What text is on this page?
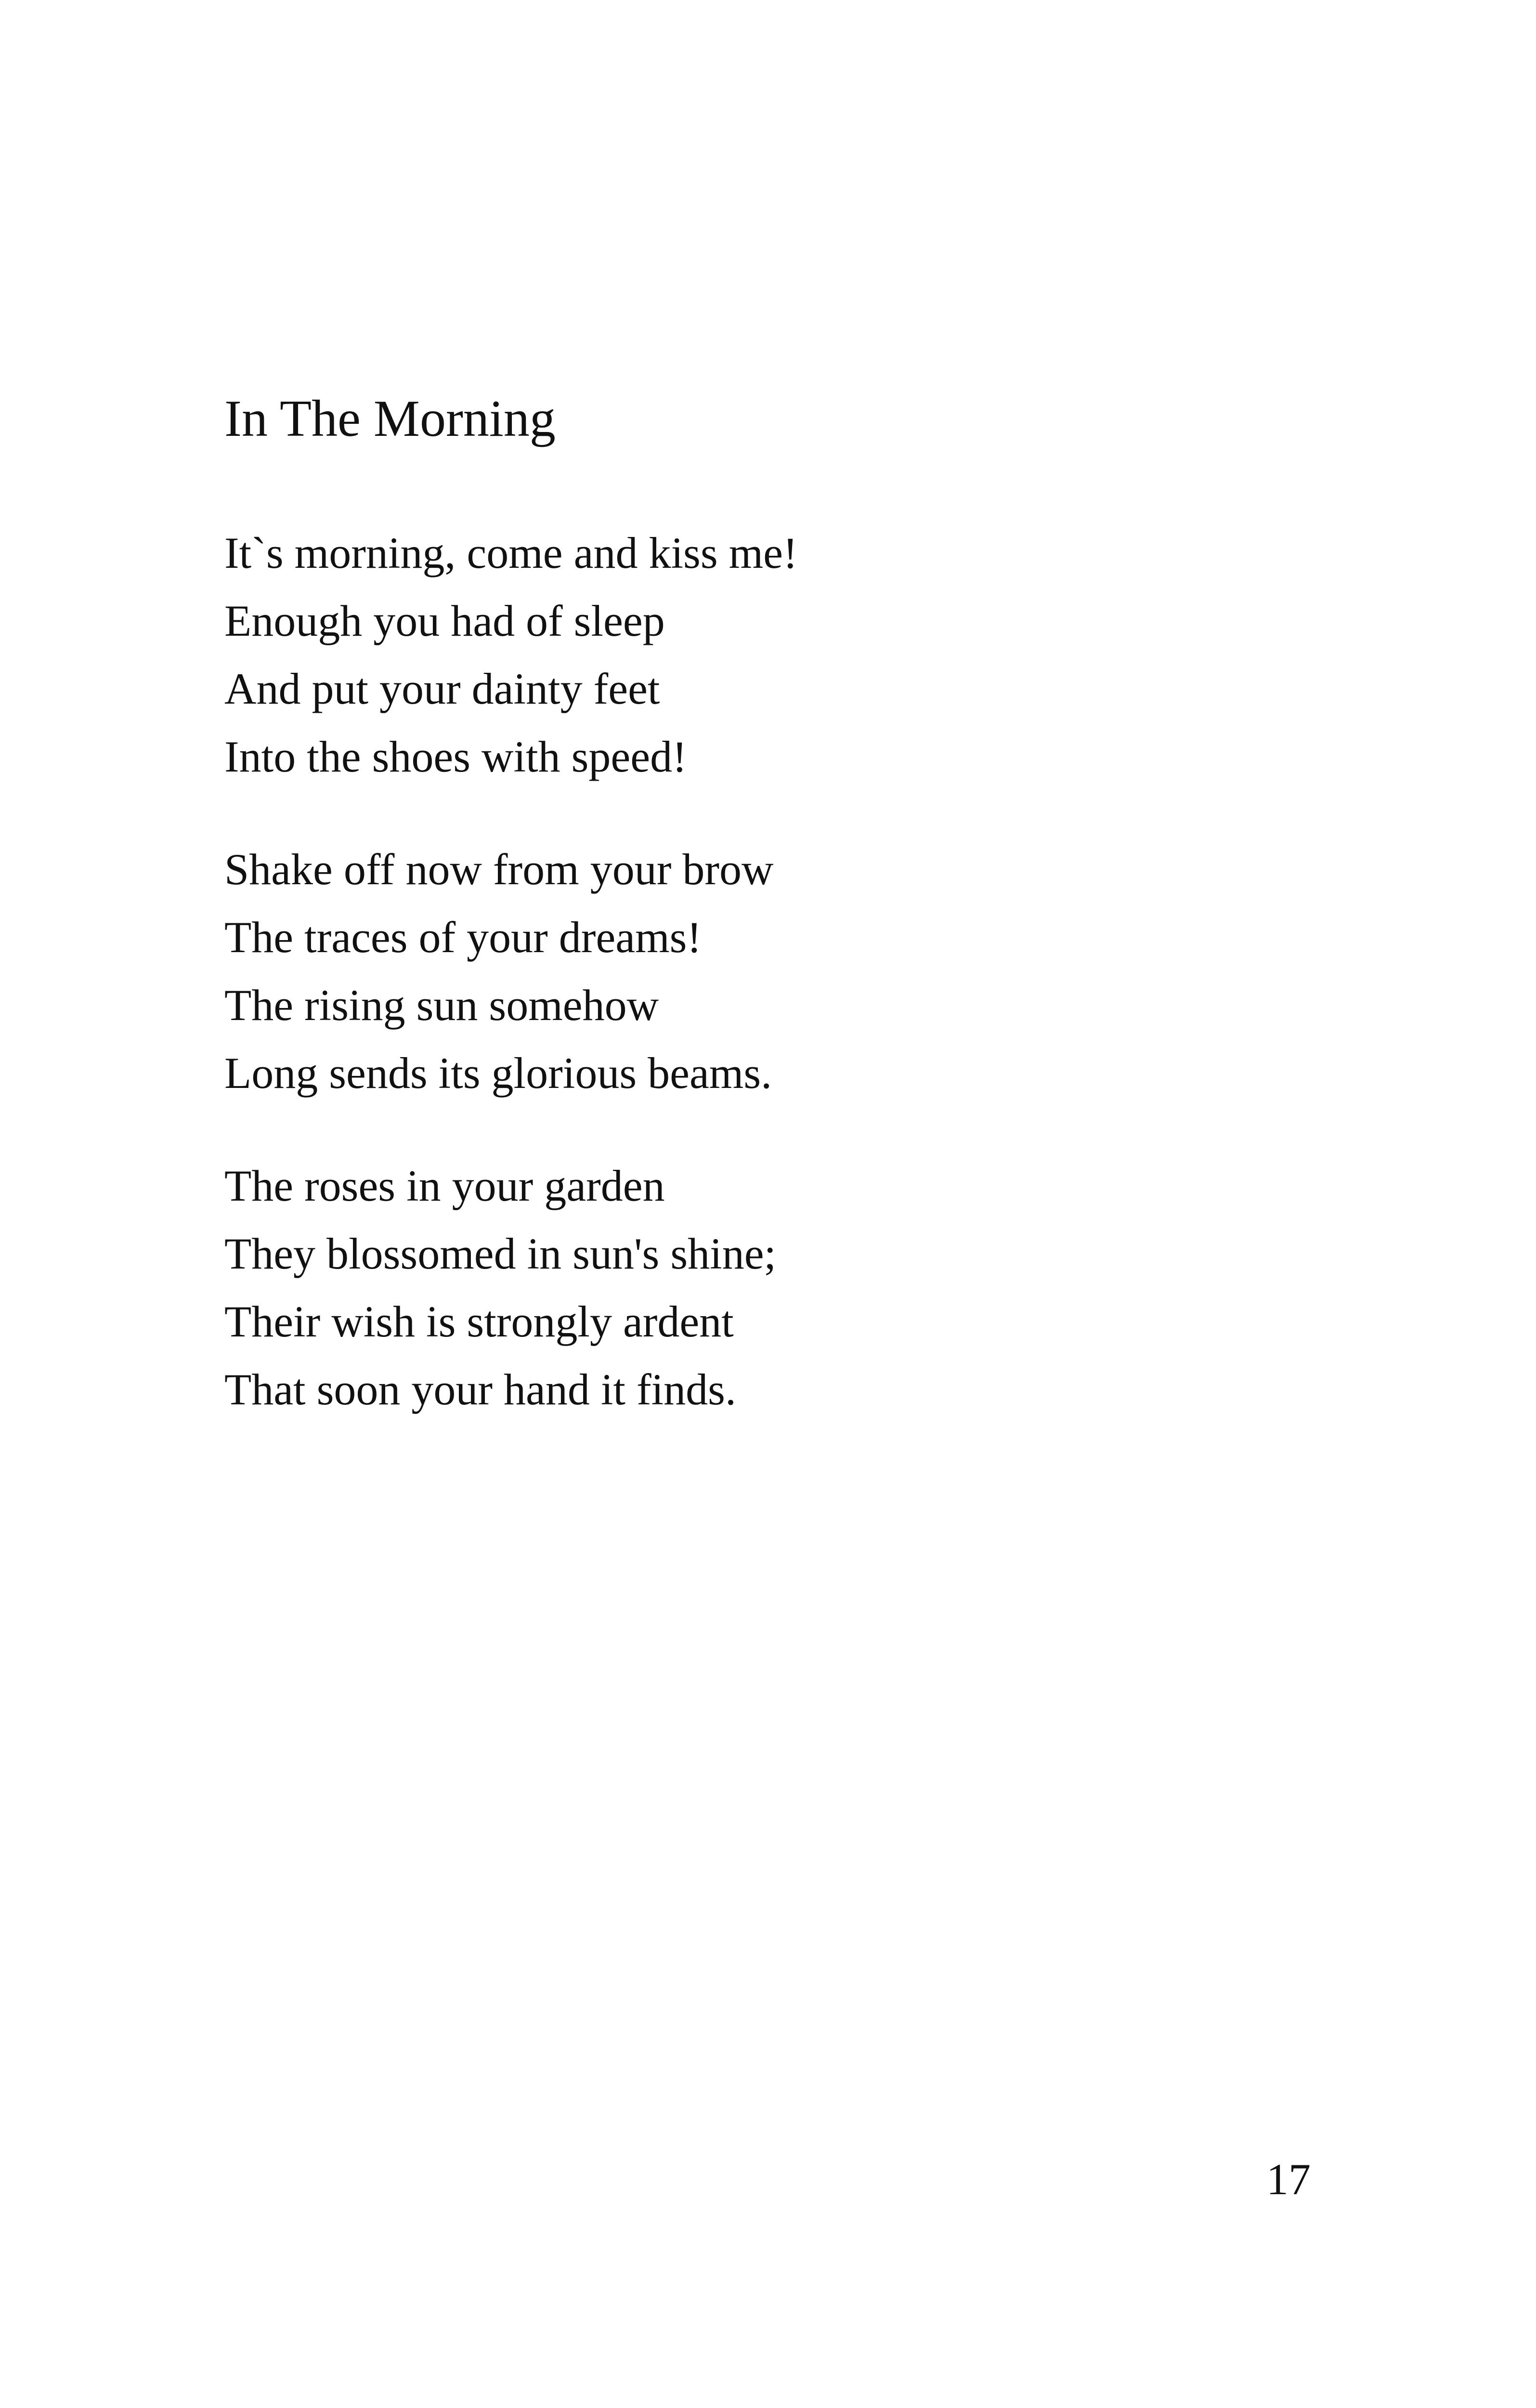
In The Morning
It`s morning, come and kiss me!
Enough you had of sleep
And put your dainty feet
Into the shoes with speed!
Shake off now from your brow
The traces of your dreams!
The rising sun somehow
Long sends its glorious beams.
The roses in your garden
They blossomed in sun's shine;
Their wish is strongly ardent
That soon your hand it finds.
17
